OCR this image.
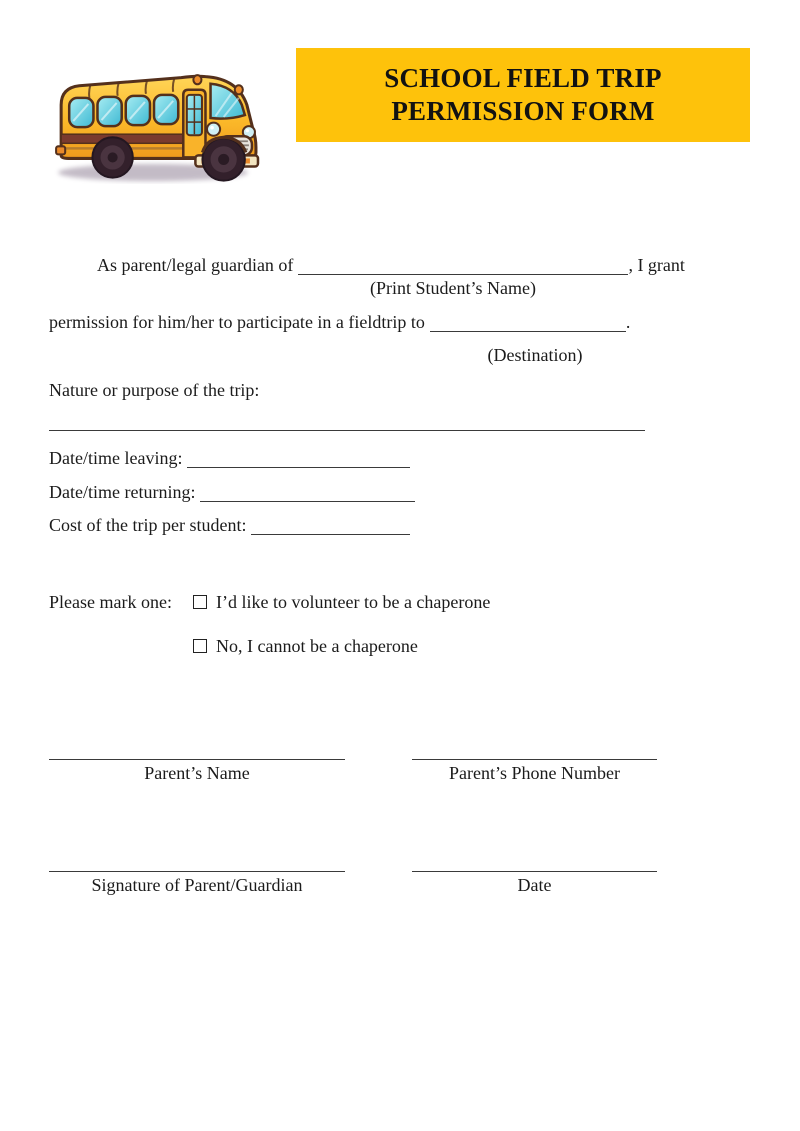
SCHOOL FIELD TRIP
PERMISSION FORM
As parent/legal guardian of	, I grant
(Print Student’s Name)
permission for him/her to participate in a fieldtrip to	.
(Destination)
Nature or purpose of the trip:
Date/time leaving:
Date/time returning:
Cost of the trip per student:
Please mark one:	I’d like to volunteer to be a chaperone
No, I cannot be a chaperone
Parent’s Name	Parent’s Phone Number
Signature of Parent/Guardian	Date
